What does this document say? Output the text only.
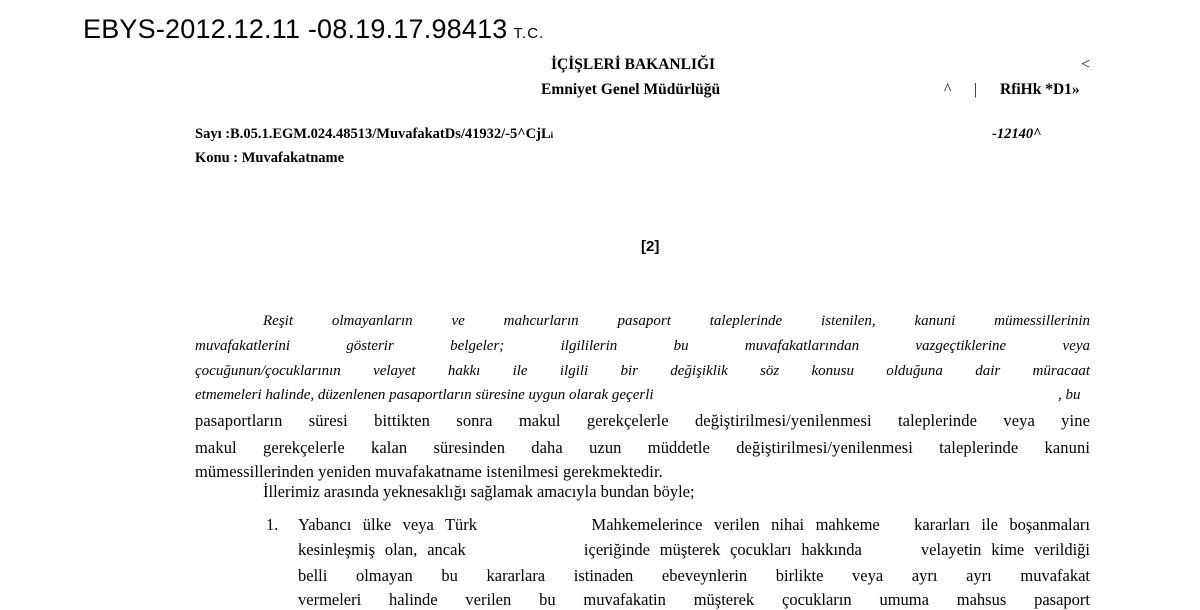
EBYS-2012.12.11 -08.19.17.98413 T.C.
İÇİŞLERİ BAKANLIĞI
Emniyet Genel Müdürlüğü
<
^ | RfiHk *D1»
Sayı :B.05.1.EGM.024.48513/MuvafakatDs/41932/-5^CjLi	-12140^
Konu : Muvafakatname
[2]
Reşit olmayanların ve mahcurların pasaport taleplerinde istenilen, kanuni mümessillerinin
muvafakatlerini gösterir belgeler; ilgililerin bu muvafakatlarından vazgeçtiklerine veya
çocuğunun/çocuklarının velayet hakkı ile ilgili bir değişiklik söz konusu olduğuna dair müracaat
etmemeleri halinde, düzenlenen pasaportların süresine uygun olarak geçerli	, bu
pasaportların süresi bittikten sonra makul gerekçelerle değiştirilmesi/yenilenmesi taleplerinde veya yine
makul gerekçelerle kalan süresinden daha uzun müddetle değiştirilmesi/yenilenmesi taleplerinde kanuni
mümessillerinden yeniden muvafakatname istenilmesi gerekmektedir.
İllerimiz arasında yeknesaklığı sağlamak amacıyla bundan böyle;
1. Yabancı ülke veya Türk          Mahkemelerince verilen nihai mahkeme   kararları ile boşanmaları
kesinleşmiş olan, ancak            içeriğinde müşterek çocukları hakkında      velayetin kime verildiği
belli olmayan bu kararlara istinaden ebeveynlerin birlikte veya ayrı ayrı muvafakat
vermeleri halinde verilen bu muvafakatin müşterek çocukların umuma mahsus pasaport
